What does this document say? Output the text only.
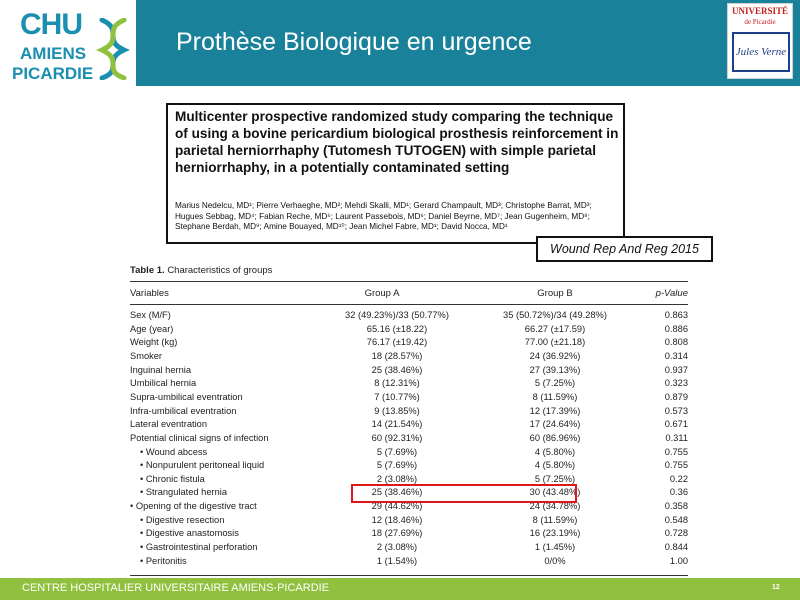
CHU
AMIENS
PICARDIE
Prothèse Biologique en urgence
UNIVERSITÉ
de Picardie
Jules Verne
Multicenter prospective randomized study comparing the technique of using a bovine pericardium biological prosthesis reinforcement in parietal herniorrhaphy (Tutomesh TUTOGEN) with simple parietal herniorrhaphy, in a potentially contaminated setting
Marius Nedelcu, MD¹; Pierre Verhaeghe, MD²; Mehdi Skalli, MD¹; Gerard Champault, MD³; Christophe Barrat, MD³; Hugues Sebbag, MD⁴; Fabian Reche, MD⁵; Laurent Passebois, MD⁶; Daniel Beyrne, MD⁷; Jean Gugenheim, MD⁸; Stephane Berdah, MD⁹; Amine Bouayed, MD¹⁰; Jean Michel Fabre, MD¹; David Nocca, MD¹
Wound Rep And Reg 2015
Table 1. Characteristics of groups
Variables	Group A	Group B	p-Value
Sex (M/F)	32 (49.23%)/33 (50.77%)	35 (50.72%)/34 (49.28%)	0.863
Age (year)	65.16 (±18.22)	66.27 (±17.59)	0.886
Weight (kg)	76.17 (±19.42)	77.00 (±21.18)	0.808
Smoker	18 (28.57%)	24 (36.92%)	0.314
Inguinal hernia	25 (38.46%)	27 (39.13%)	0.937
Umbilical hernia	8 (12.31%)	5 (7.25%)	0.323
Supra-umbilical eventration	7 (10.77%)	8 (11.59%)	0.879
Infra-umbilical eventration	9 (13.85%)	12 (17.39%)	0.573
Lateral eventration	14 (21.54%)	17 (24.64%)	0.671
Potential clinical signs of infection	60 (92.31%)	60 (86.96%)	0.311
• Wound abcess	5 (7.69%)	4 (5.80%)	0.755
• Nonpurulent peritoneal liquid	5 (7.69%)	4 (5.80%)	0.755
• Chronic fistula	2 (3.08%)	5 (7.25%)	0.22
• Strangulated hernia	25 (38.46%)	30 (43.48%)	0.36
• Opening of the digestive tract	29 (44.62%)	24 (34.78%)	0.358
• Digestive resection	12 (18.46%)	8 (11.59%)	0.548
• Digestive anastomosis	18 (27.69%)	16 (23.19%)	0.728
• Gastrointestinal perforation	2 (3.08%)	1 (1.45%)	0.844
• Peritonitis	1 (1.54%)	0/0%	1.00
CENTRE HOSPITALIER UNIVERSITAIRE AMIENS-PICARDIE	12
